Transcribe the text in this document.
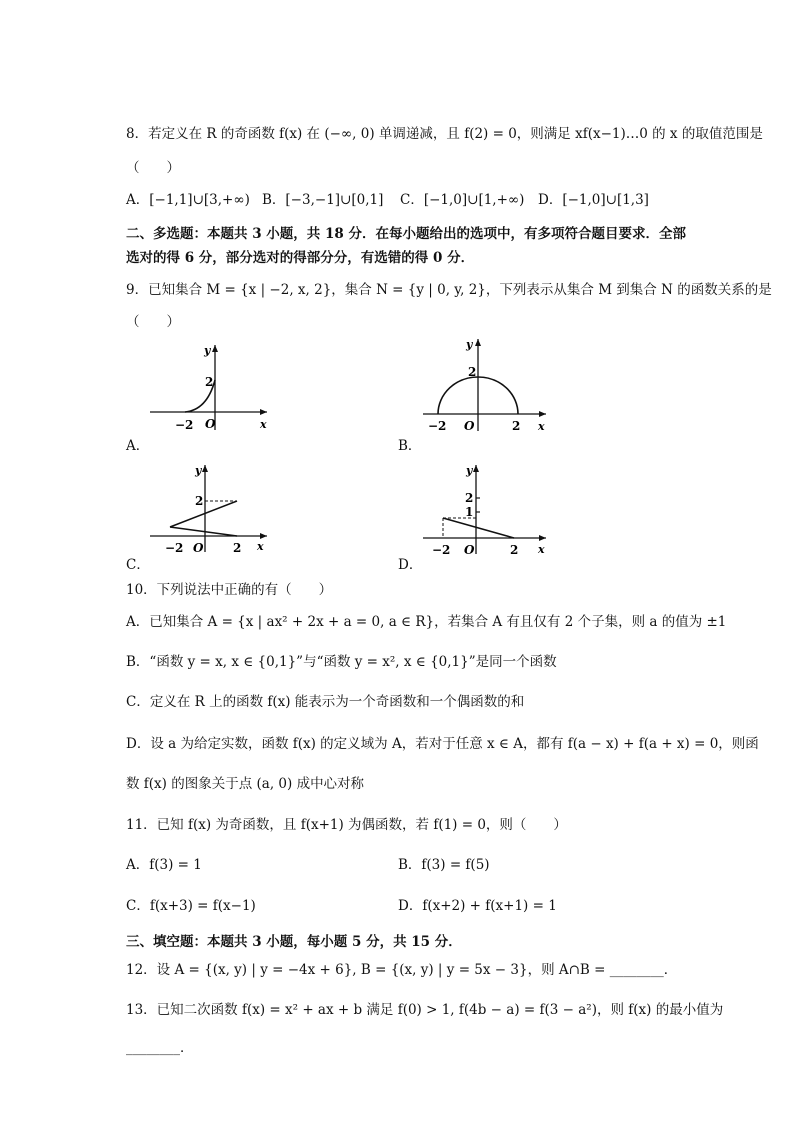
8．若定义在 R 的奇函数 f(x) 在 (−∞, 0) 单调递减，且 f(2) = 0，则满足 xf(x−1)…0 的 x 的取值范围是
（　　）
A．[−1,1]∪[3,+∞) B．[−3,−1]∪[0,1] C．[−1,0]∪[1,+∞) D．[−1,0]∪[1,3]
二、多选题：本题共 3 小题，共 18 分．在每小题给出的选项中，有多项符合题目要求．全部
选对的得 6 分，部分选对的得部分分，有选错的得 0 分．
9．已知集合 M = {x | −2, x, 2}，集合 N = {y | 0, y, 2}，下列表示从集合 M 到集合 N 的函数关系的是
（　　）
y
x
O
−2
2
A．
y
x
O
−2	2
2
B．
y
x
O
−2	2
2
C．
y
x
O
−2	2
2
1
D．
10．下列说法中正确的有（　　）
A．已知集合 A = {x | ax² + 2x + a = 0, a ∈ R}，若集合 A 有且仅有 2 个子集，则 a 的值为 ±1
B．“函数 y = x, x ∈ {0,1}”与“函数 y = x², x ∈ {0,1}”是同一个函数
C．定义在 R 上的函数 f(x) 能表示为一个奇函数和一个偶函数的和
D．设 a 为给定实数，函数 f(x) 的定义域为 A，若对于任意 x ∈ A，都有 f(a − x) + f(a + x) = 0，则函
数 f(x) 的图象关于点 (a, 0) 成中心对称
11．已知 f(x) 为奇函数，且 f(x+1) 为偶函数，若 f(1) = 0，则（　　）
A．f(3) = 1	B．f(3) = f(5)
C．f(x+3) = f(x−1)	D．f(x+2) + f(x+1) = 1
三、填空题：本题共 3 小题，每小题 5 分，共 15 分．
12．设 A = {(x, y) | y = −4x + 6}, B = {(x, y) | y = 5x − 3}，则 A∩B = ________．
13．已知二次函数 f(x) = x² + ax + b 满足 f(0) > 1, f(4b − a) = f(3 − a²)，则 f(x) 的最小值为
________．
